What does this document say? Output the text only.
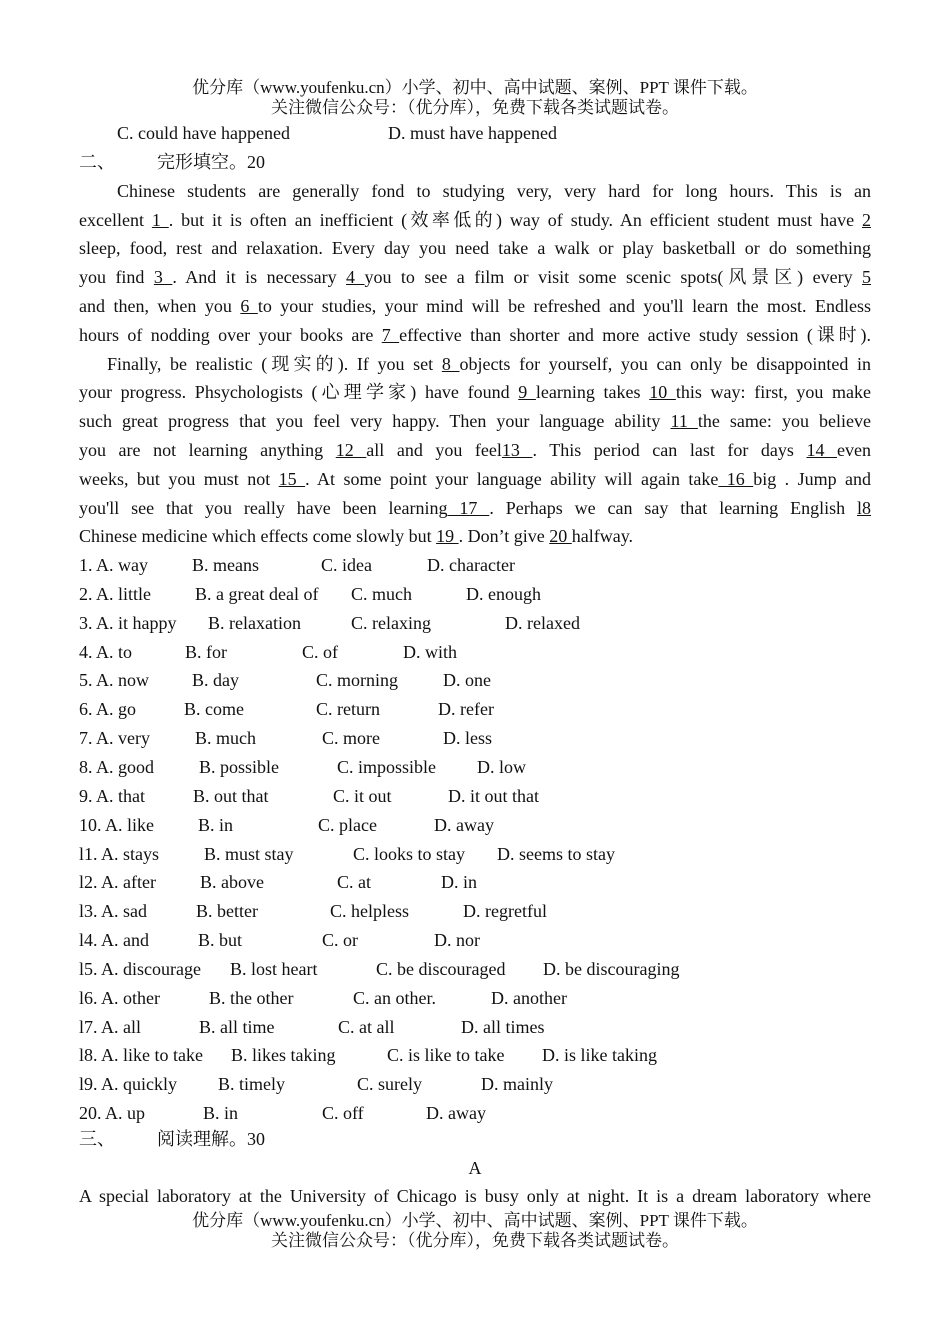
优分库（www.youfenku.cn）小学、初中、高中试题、案例、PPT 课件下载。
关注微信公众号：（优分库），免费下载各类试题试卷。
C. could have happened	D. must have happened
二、 完形填空。20
Chinese students are generally fond to studying very, very hard for long hours. This is an
excellent 1 . but it is often an inefficient (效率低的) way of study. An efficient student must have 2
sleep, food, rest and relaxation. Every day you need take a walk or play basketball or do something
you find 3 . And it is necessary 4 you to see a film or visit some scenic spots(风景区) every 5
and then, when you 6 to your studies, your mind will be refreshed and you'll learn the most. Endless
hours of nodding over your books are 7 effective than shorter and more active study session (课时).
Finally, be realistic (现实的). If you set 8 objects for yourself, you can only be disappointed in
your progress. Phsychologists (心理学家) have found 9 learning takes 10 this way: first, you make
such great progress that you feel very happy. Then your language ability 11 the same: you believe
you are not learning anything 12 all and you feel13 . This period can last for days 14 even
weeks, but you must not 15 . At some point your language ability will again take 16 big . Jump and
you'll see that you really have been learning 17 . Perhaps we can say that learning English l8
Chinese medicine which effects come slowly but 19 . Don’t give 20 halfway.
1. A. way B. means	C. idea	D. character
2. A. little B. a great deal of C. much	D. enough
3. A. it happy B. relaxation	C. relaxing	D. relaxed
4. A. to	B. for	C. of	D. with
5. A. now B. day	C. morning D. one
6. A. go	B. come	C. return	D. refer
7. A. very	B. much	C. more	D. less
8. A. good B. possible	C. impossible D. low
9. A. that	B. out that	C. it out	D. it out that
10. A. like B. in	C. place	D. away
l1. A. stays B. must stay	C. looks to stay D. seems to stay
l2. A. after B. above	C. at	D. in
l3. A. sad	B. better	C. helpless	D. regretful
l4. A. and	B. but	C. or	D. nor
l5. A. discourage B. lost heart	C. be discouraged D. be discouraging
l6. A. other	B. the other	C. an other.	D. another
l7. A. all	B. all time	C. at all	D. all times
l8. A. like to take B. likes taking	C. is like to take D. is like taking
l9. A. quickly B. timely	C. surely	D. mainly
20. A. up	B. in	C. off	D. away
三、 阅读理解。30
A
A special laboratory at the University of Chicago is busy only at night. It is a dream laboratory where
优分库（www.youfenku.cn）小学、初中、高中试题、案例、PPT 课件下载。
关注微信公众号：（优分库），免费下载各类试题试卷。
